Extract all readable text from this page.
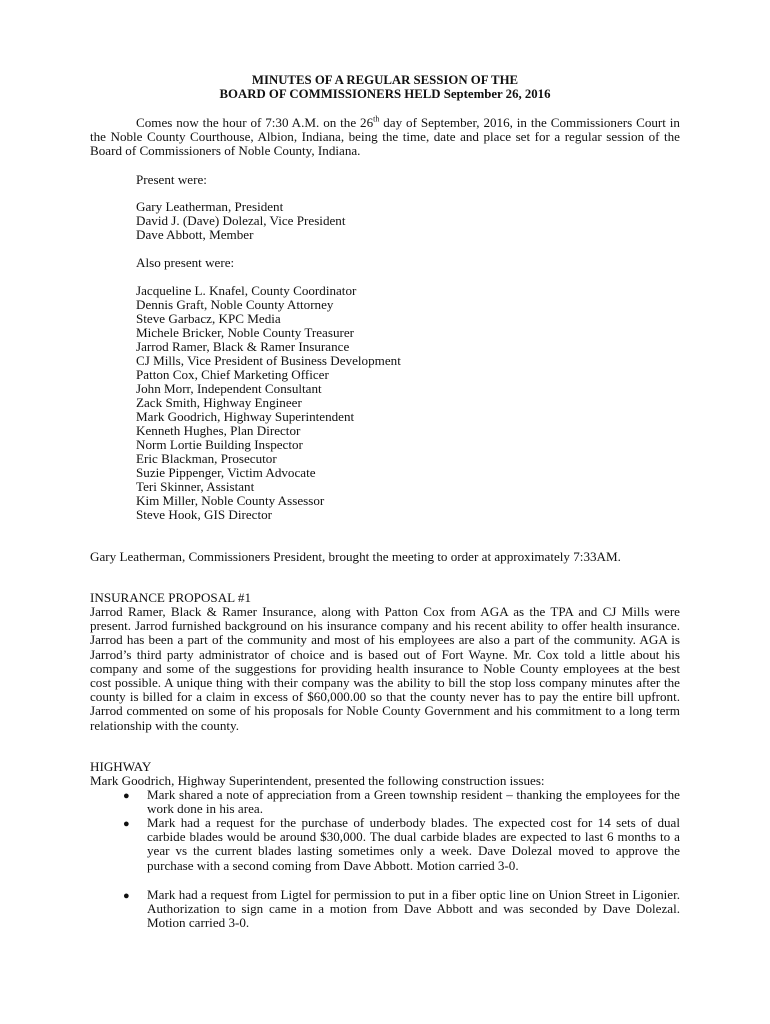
MINUTES OF A REGULAR SESSION OF THE
BOARD OF COMMISSIONERS HELD September 26, 2016

Comes now the hour of 7:30 A.M. on the 26th day of September, 2016, in the Commissioners Court in the Noble County Courthouse, Albion, Indiana, being the time, date and place set for a regular session of the Board of Commissioners of Noble County, Indiana.

Present were:

Gary Leatherman, President

David J. (Dave) Dolezal, Vice President

Dave Abbott, Member

Also present were:

Jacqueline L. Knafel, County Coordinator

Dennis Graft, Noble County Attorney

Steve Garbacz, KPC Media

Michele Bricker, Noble County Treasurer

Jarrod Ramer, Black & Ramer Insurance

CJ Mills, Vice President of Business Development

Patton Cox, Chief Marketing Officer

John Morr, Independent Consultant

Zack Smith, Highway Engineer

Mark Goodrich, Highway Superintendent

Kenneth Hughes, Plan Director

Norm Lortie Building Inspector

Eric Blackman, Prosecutor

Suzie Pippenger, Victim Advocate

Teri Skinner, Assistant

Kim Miller, Noble County Assessor

Steve Hook, GIS Director

Gary Leatherman, Commissioners President, brought the meeting to order at approximately 7:33AM.

INSURANCE PROPOSAL #1

Jarrod Ramer, Black & Ramer Insurance, along with Patton Cox from AGA as the TPA and CJ Mills were present. Jarrod furnished background on his insurance company and his recent ability to offer health insurance. Jarrod has been a part of the community and most of his employees are also a part of the community. AGA is Jarrod’s third party administrator of choice and is based out of Fort Wayne. Mr. Cox told a little about his company and some of the suggestions for providing health insurance to Noble County employees at the best cost possible. A unique thing with their company was the ability to bill the stop loss company minutes after the county is billed for a claim in excess of $60,000.00 so that the county never has to pay the entire bill upfront. Jarrod commented on some of his proposals for Noble County Government and his commitment to a long term relationship with the county.

HIGHWAY

Mark Goodrich, Highway Superintendent, presented the following construction issues:

● Mark shared a note of appreciation from a Green township resident – thanking the employees for the work done in his area.

● Mark had a request for the purchase of underbody blades. The expected cost for 14 sets of dual carbide blades would be around $30,000. The dual carbide blades are expected to last 6 months to a year vs the current blades lasting sometimes only a week. Dave Dolezal moved to approve the purchase with a second coming from Dave Abbott. Motion carried 3-0.

● Mark had a request from Ligtel for permission to put in a fiber optic line on Union Street in Ligonier. Authorization to sign came in a motion from Dave Abbott and was seconded by Dave Dolezal. Motion carried 3-0.
